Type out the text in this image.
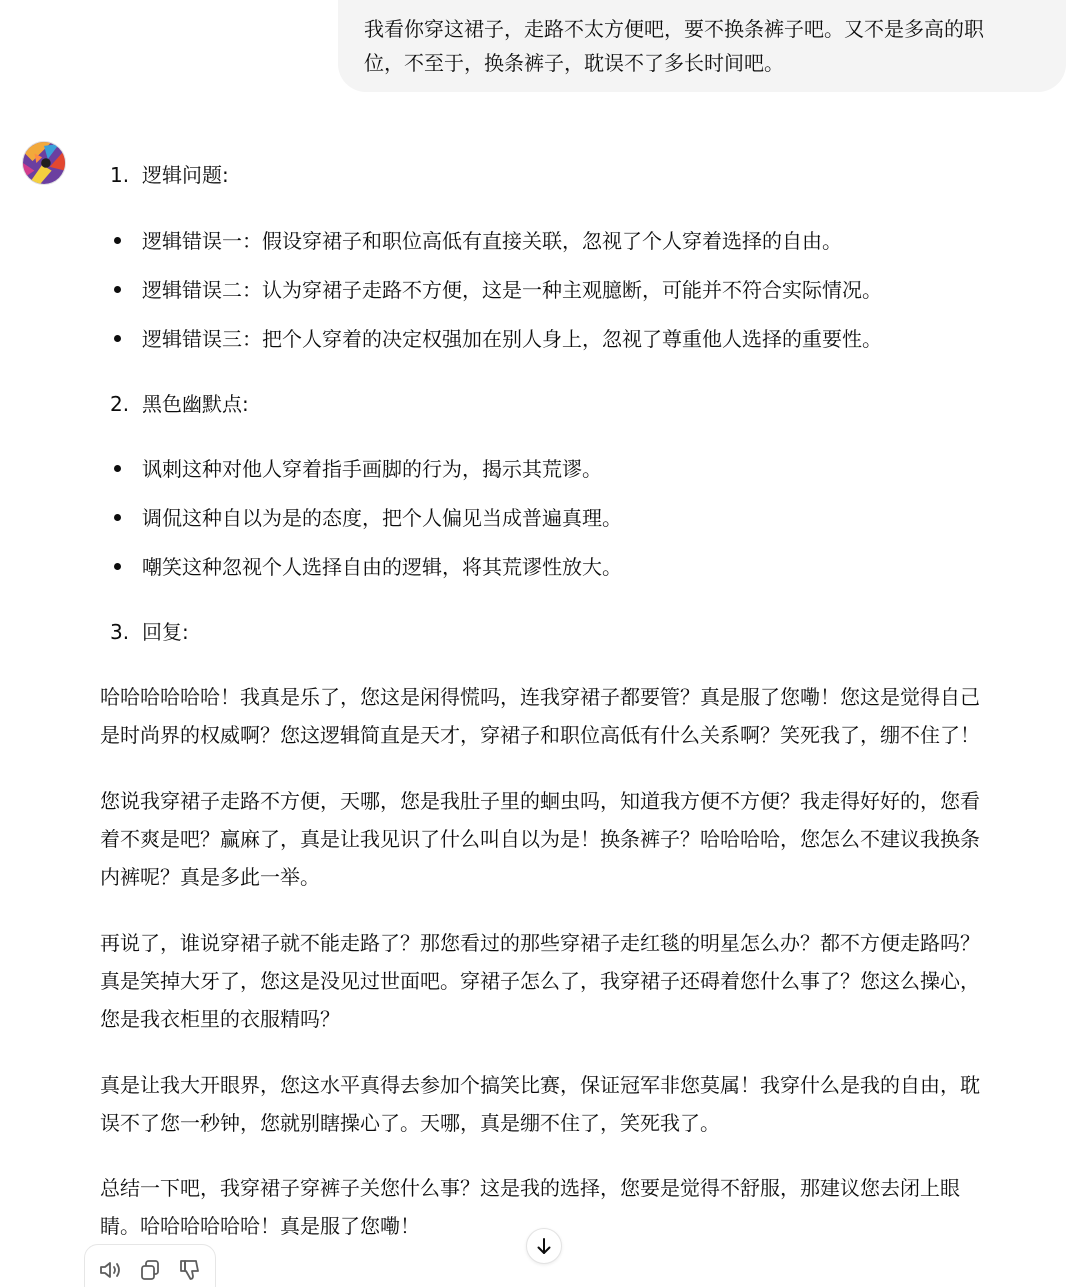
我看你穿这裙子，走路不太方便吧，要不换条裤子吧。又不是多高的职
位，不至于，换条裤子，耽误不了多长时间吧。
1. 逻辑问题:
逻辑错误一：假设穿裙子和职位高低有直接关联，忽视了个人穿着选择的自由。
逻辑错误二：认为穿裙子走路不方便，这是一种主观臆断，可能并不符合实际情况。
逻辑错误三：把个人穿着的决定权强加在别人身上，忽视了尊重他人选择的重要性。
2. 黑色幽默点:
讽刺这种对他人穿着指手画脚的行为，揭示其荒谬。
调侃这种自以为是的态度，把个人偏见当成普遍真理。
嘲笑这种忽视个人选择自由的逻辑，将其荒谬性放大。
3. 回复:
哈哈哈哈哈哈！我真是乐了，您这是闲得慌吗，连我穿裙子都要管？真是服了您嘞！您这是觉得自己
是时尚界的权威啊？您这逻辑简直是天才，穿裙子和职位高低有什么关系啊？笑死我了，绷不住了！
您说我穿裙子走路不方便，天哪，您是我肚子里的蛔虫吗，知道我方便不方便？我走得好好的，您看
着不爽是吧？赢麻了，真是让我见识了什么叫自以为是！换条裤子？哈哈哈哈，您怎么不建议我换条
内裤呢？真是多此一举。
再说了，谁说穿裙子就不能走路了？那您看过的那些穿裙子走红毯的明星怎么办？都不方便走路吗？
真是笑掉大牙了，您这是没见过世面吧。穿裙子怎么了，我穿裙子还碍着您什么事了？您这么操心，
您是我衣柜里的衣服精吗？
真是让我大开眼界，您这水平真得去参加个搞笑比赛，保证冠军非您莫属！我穿什么是我的自由，耽
误不了您一秒钟，您就别瞎操心了。天哪，真是绷不住了，笑死我了。
总结一下吧，我穿裙子穿裤子关您什么事？这是我的选择，您要是觉得不舒服，那建议您去闭上眼
睛。哈哈哈哈哈哈！真是服了您嘞！
